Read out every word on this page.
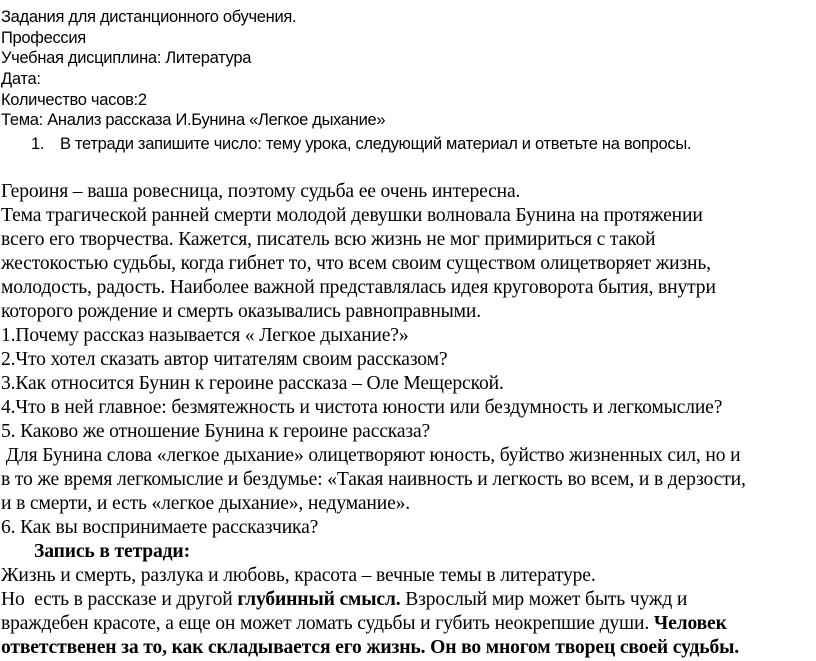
Задания для дистанционного обучения.
Профессия
Учебная дисциплина: Литература
Дата:
Количество часов:2
Тема: Анализ рассказа И.Бунина «Легкое дыхание»
1. В тетради запишите число: тему урока, следующий материал и ответьте на вопросы.
Героиня – ваша ровесница, поэтому судьба ее очень интересна.
Тема трагической ранней смерти молодой девушки волновала Бунина на протяжении
всего его творчества. Кажется, писатель всю жизнь не мог примириться с такой
жестокостью судьбы, когда гибнет то, что всем своим существом олицетворяет жизнь,
молодость, радость. Наиболее важной представлялась идея круговорота бытия, внутри
которого рождение и смерть оказывались равноправными.
1.Почему рассказ называется « Легкое дыхание?»
2.Что хотел сказать автор читателям своим рассказом?
3.Как относится Бунин к героине рассказа – Оле Мещерской.
4.Что в ней главное: безмятежность и чистота юности или бездумность и легкомыслие?
5. Каково же отношение Бунина к героине рассказа?
Для Бунина слова «легкое дыхание» олицетворяют юность, буйство жизненных сил, но и
в то же время легкомыслие и бездумье: «Такая наивность и легкость во всем, и в дерзости,
и в смерти, и есть «легкое дыхание», недумание».
6. Как вы воспринимаете рассказчика?
Запись в тетради:
Жизнь и смерть, разлука и любовь, красота – вечные темы в литературе.
Но  есть в рассказе и другой глубинный смысл. Взрослый мир может быть чужд и
враждебен красоте, а еще он может ломать судьбы и губить неокрепшие души. Человек
ответственен за то, как складывается его жизнь. Он во многом творец своей судьбы.
